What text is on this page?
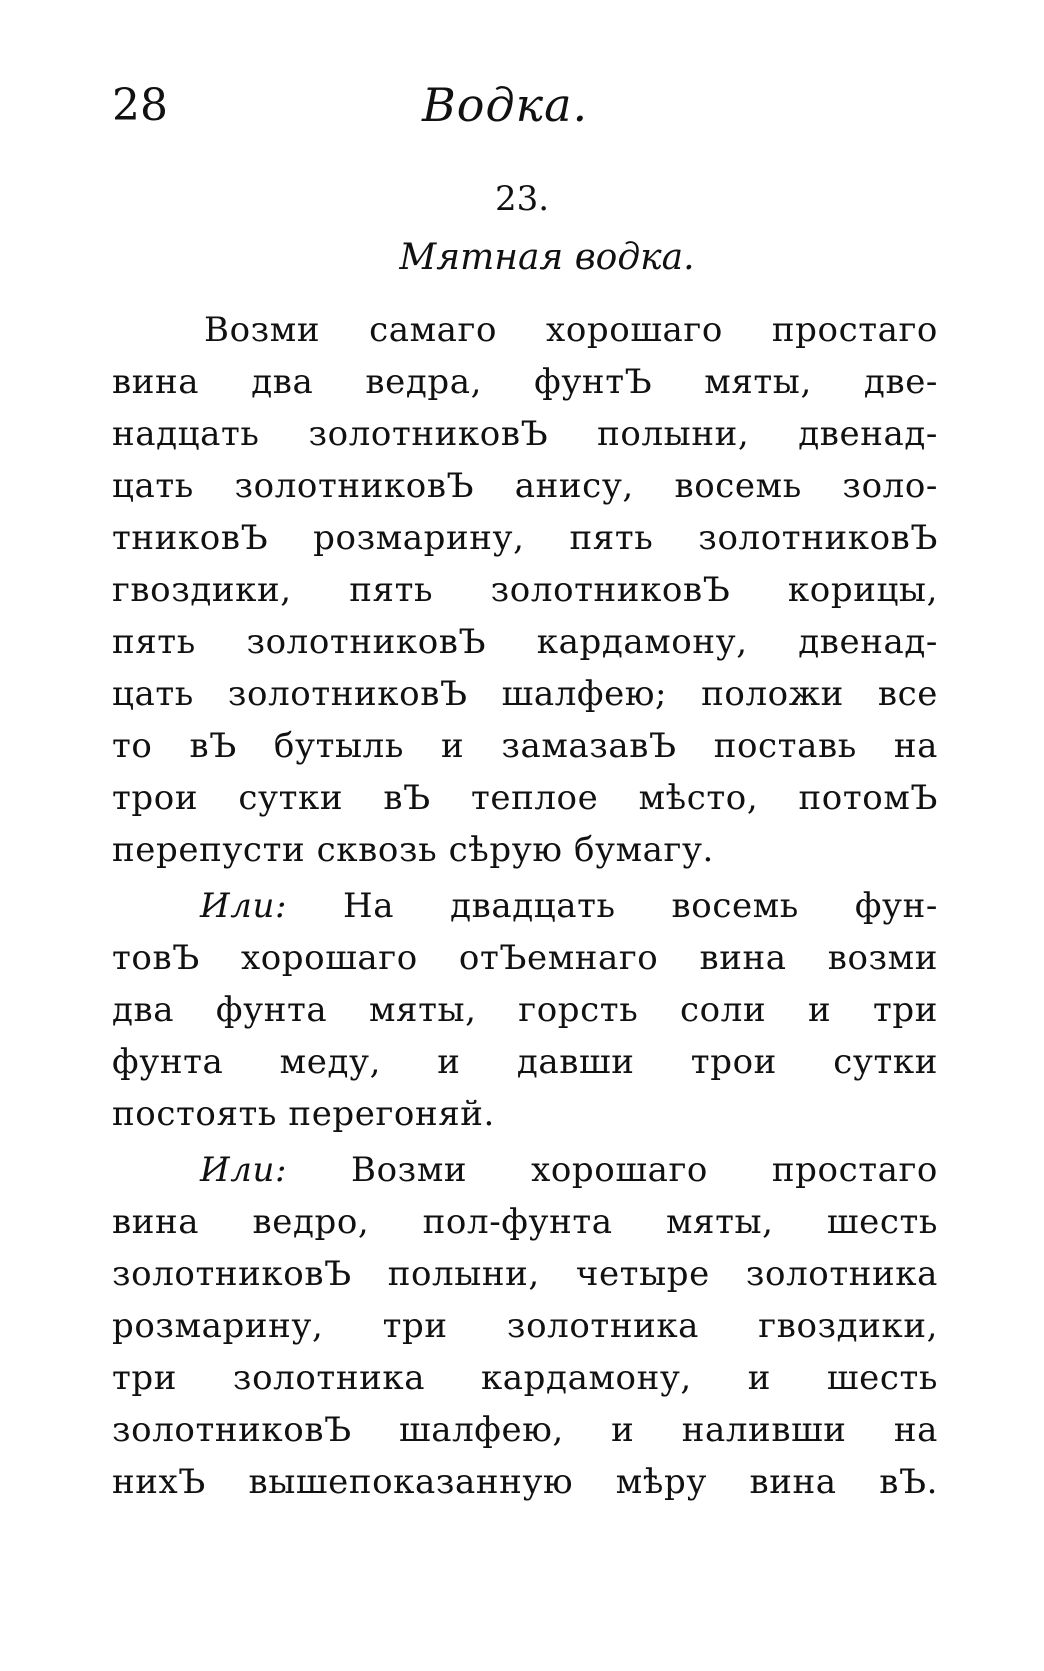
28	Водка.
23.
Мятная водка.
Возми самаго хорошаго простаго
вина два ведра, фунтЪ мяты, две-
надцать золотниковЪ полыни, двенад-
цать золотниковЪ анису, восемь золо-
тниковЪ розмарину, пять золотниковЪ
гвоздики, пять золотниковЪ корицы,
пять золотниковЪ кардамону, двенад-
цать золотниковЪ шалфею; положи все
то вЪ бутыль и замазавЪ поставь на
трои сутки вЪ теплое мѣсто, потомЪ
перепусти сквозь сѣрую бумагу.
Или: На двадцать восемь фун-
товЪ хорошаго отЪемнаго вина возми
два фунта мяты, горсть соли и три
фунта меду, и давши трои сутки
постоять перегоняй.
Или: Возми хорошаго простаго
вина ведро, пол-фунта мяты, шесть
золотниковЪ полыни, четыре золотника
розмарину, три золотника гвоздики,
три золотника кардамону, и шесть
золотниковЪ шалфею, и наливши на
нихЪ вышепоказанную мѣру вина вЪ.
